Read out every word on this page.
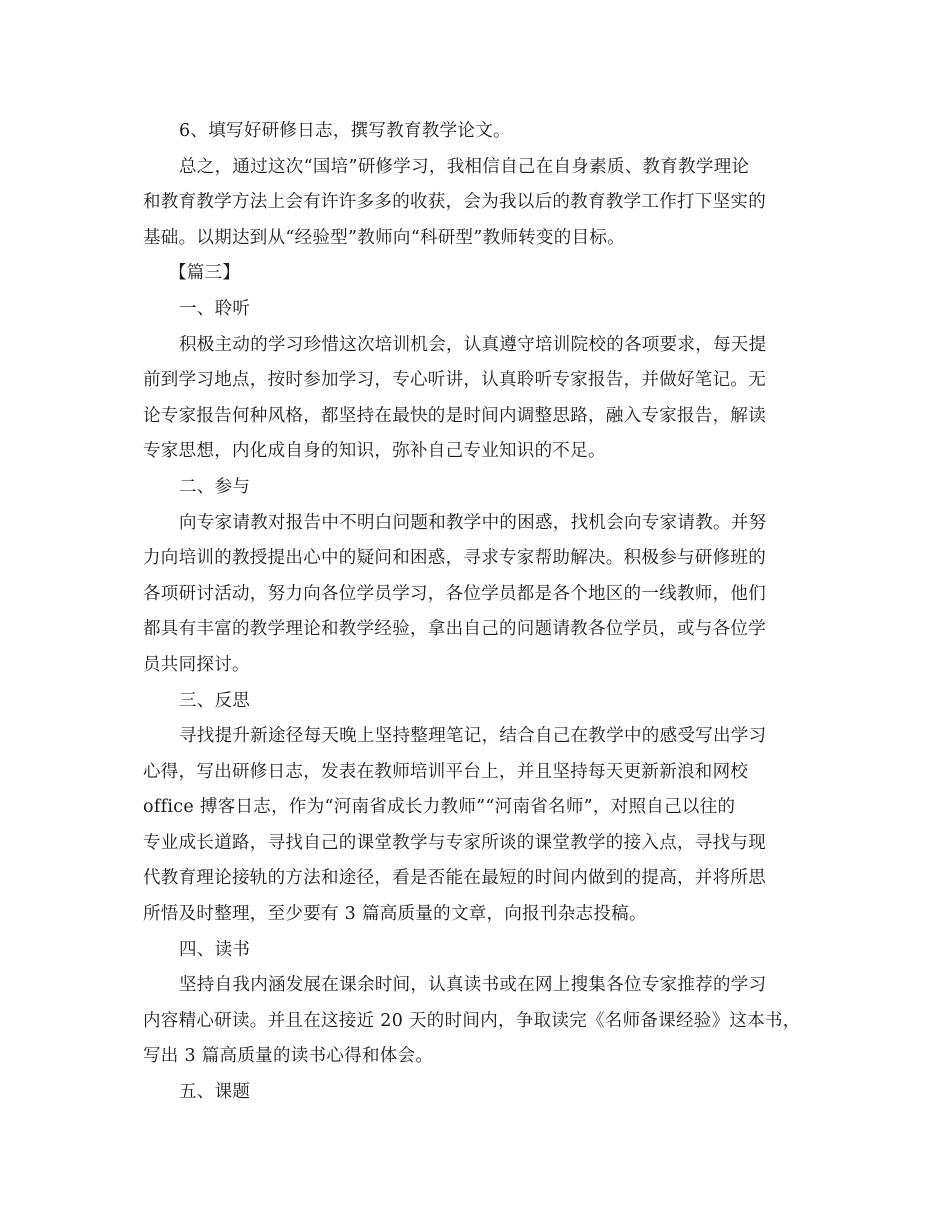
6、填写好研修日志，撰写教育教学论文。
总之，通过这次“国培”研修学习，我相信自己在自身素质、教育教学理论
和教育教学方法上会有许许多多的收获，会为我以后的教育教学工作打下坚实的
基础。以期达到从“经验型”教师向“科研型”教师转变的目标。
【篇三】
一、聆听
积极主动的学习珍惜这次培训机会，认真遵守培训院校的各项要求，每天提
前到学习地点，按时参加学习，专心听讲，认真聆听专家报告，并做好笔记。无
论专家报告何种风格，都坚持在最快的是时间内调整思路，融入专家报告，解读
专家思想，内化成自身的知识，弥补自己专业知识的不足。
二、参与
向专家请教对报告中不明白问题和教学中的困惑，找机会向专家请教。并努
力向培训的教授提出心中的疑问和困惑，寻求专家帮助解决。积极参与研修班的
各项研讨活动，努力向各位学员学习，各位学员都是各个地区的一线教师，他们
都具有丰富的教学理论和教学经验，拿出自己的问题请教各位学员，或与各位学
员共同探讨。
三、反思
寻找提升新途径每天晚上坚持整理笔记，结合自己在教学中的感受写出学习
心得，写出研修日志，发表在教师培训平台上，并且坚持每天更新新浪和网校
office 搏客日志，作为“河南省成长力教师”“河南省名师”，对照自己以往的
专业成长道路，寻找自己的课堂教学与专家所谈的课堂教学的接入点，寻找与现
代教育理论接轨的方法和途径，看是否能在最短的时间内做到的提高，并将所思
所悟及时整理，至少要有 3 篇高质量的文章，向报刊杂志投稿。
四、读书
坚持自我内涵发展在课余时间，认真读书或在网上搜集各位专家推荐的学习
内容精心研读。并且在这接近 20 天的时间内，争取读完《名师备课经验》这本书，
写出 3 篇高质量的读书心得和体会。
五、课题
